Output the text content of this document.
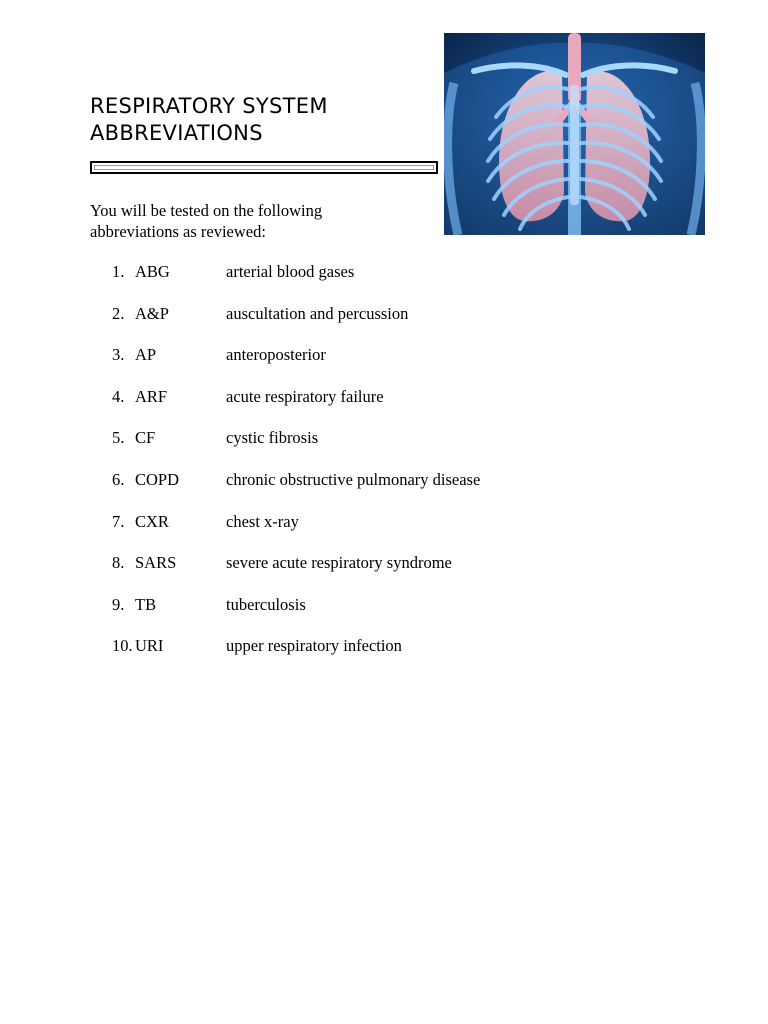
RESPIRATORY SYSTEM ABBREVIATIONS

You will be tested on the following abbreviations as reviewed:

1. ABG	arterial blood gases
2. A&P	auscultation and percussion
3. AP	anteroposterior
4. ARF	acute respiratory failure
5. CF	cystic fibrosis
6. COPD	chronic obstructive pulmonary disease
7. CXR	chest x-ray
8. SARS	severe acute respiratory syndrome
9. TB	tuberculosis
10. URI	upper respiratory infection
